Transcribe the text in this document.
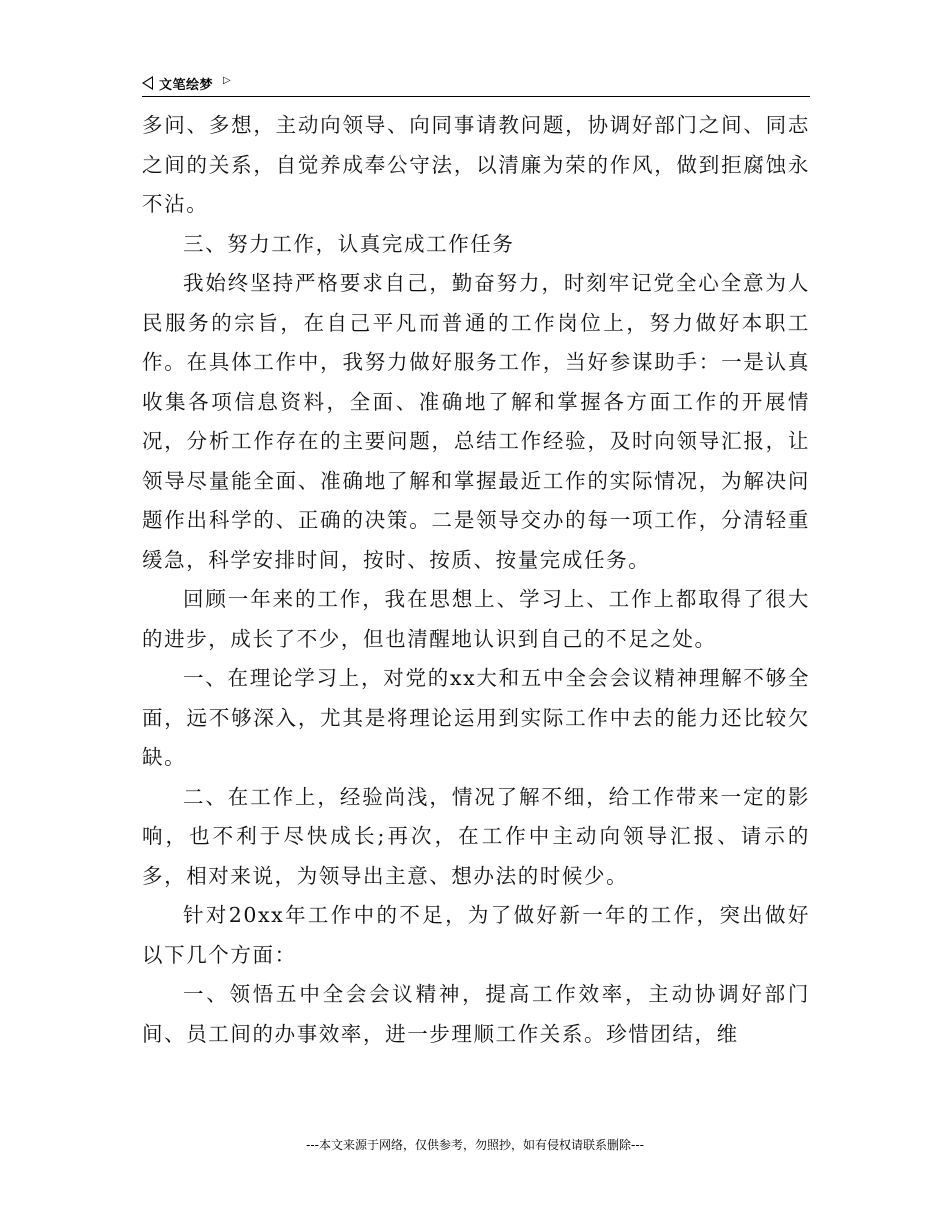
文笔绘梦 ▷

多问、多想，主动向领导、向同事请教问题，协调好部门之间、同志之间的关系，自觉养成奉公守法，以清廉为荣的作风，做到拒腐蚀永不沾。

三、努力工作，认真完成工作任务

我始终坚持严格要求自己，勤奋努力，时刻牢记党全心全意为人民服务的宗旨，在自己平凡而普通的工作岗位上，努力做好本职工作。在具体工作中，我努力做好服务工作，当好参谋助手：一是认真收集各项信息资料，全面、准确地了解和掌握各方面工作的开展情况，分析工作存在的主要问题，总结工作经验，及时向领导汇报，让领导尽量能全面、准确地了解和掌握最近工作的实际情况，为解决问题作出科学的、正确的决策。二是领导交办的每一项工作，分清轻重缓急，科学安排时间，按时、按质、按量完成任务。

回顾一年来的工作，我在思想上、学习上、工作上都取得了很大的进步，成长了不少，但也清醒地认识到自己的不足之处。

一、在理论学习上，对党的xx大和五中全会会议精神理解不够全面，远不够深入，尤其是将理论运用到实际工作中去的能力还比较欠缺。

二、在工作上，经验尚浅，情况了解不细，给工作带来一定的影响，也不利于尽快成长;再次，在工作中主动向领导汇报、请示的多，相对来说，为领导出主意、想办法的时候少。

针对20xx年工作中的不足，为了做好新一年的工作，突出做好以下几个方面：

一、领悟五中全会会议精神，提高工作效率，主动协调好部门间、员工间的办事效率，进一步理顺工作关系。珍惜团结，维

---本文来源于网络，仅供参考，勿照抄，如有侵权请联系删除---
